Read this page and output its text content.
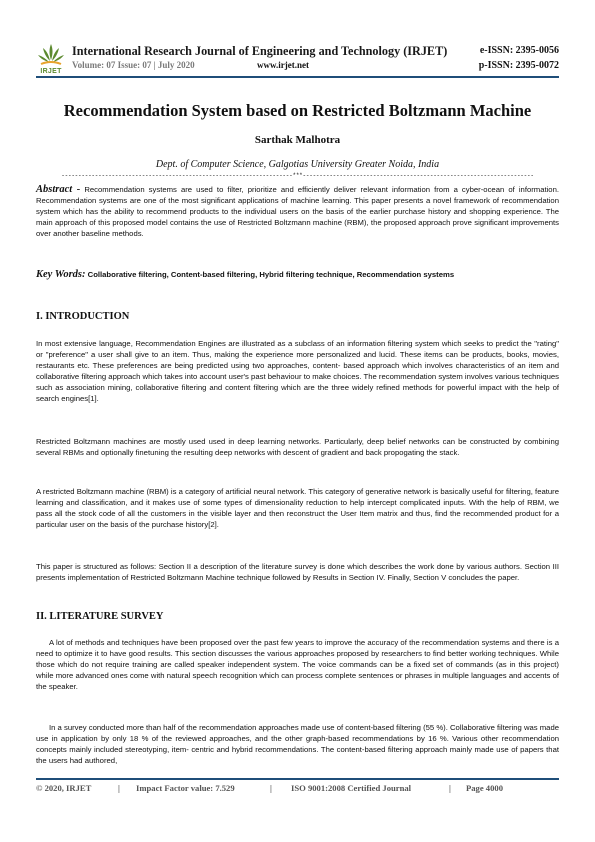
IRJET
International Research Journal of Engineering and Technology (IRJET)	e-ISSN: 2395-0056
Volume: 07 Issue: 07 | July 2020	www.irjet.net	p-ISSN: 2395-0072
Recommendation System based on Restricted Boltzmann Machine
Sarthak Malhotra
Dept. of Computer Science, Galgotias University Greater Noida, India
---------------------------------------------------------------------***---------------------------------------------------------------------
Abstract - Recommendation systems are used to filter, prioritize and efficiently deliver relevant information from a cyber-ocean of information. Recommendation systems are one of the most significant applications of machine learning. This paper presents a novel framework of recommendation system which has the ability to recommend products to the individual users on the basis of the earlier purchase history and shopping experience. The main approach of this proposed model contains the use of Restricted Boltzmann machine (RBM), the proposed approach prove significant improvements over another baseline methods.
Key Words: Collaborative filtering, Content-based filtering, Hybrid filtering technique, Recommendation systems
I. INTRODUCTION
In most extensive language, Recommendation Engines are illustrated as a subclass of an information filtering system which seeks to predict the "rating" or "preference" a user shall give to an item. Thus, making the experience more personalized and lucid. These items can be products, books, movies, restaurants etc. These preferences are being predicted using two approaches, content- based approach which involves characteristics of an item and collaborative filtering approach which takes into account user's past behaviour to make choices. The recommendation system involves various techniques such as association mining, collaborative filtering and content filtering which are the three widely refined methods for powerful impact with the help of search engines[1].
Restricted Boltzmann machines are mostly used used in deep learning networks. Particularly, deep belief networks can be constructed by combining several RBMs and optionally finetuning the resulting deep networks with descent of gradient and back propogating the stack.
A restricted Boltzmann machine (RBM) is a category of artificial neural network. This category of generative network is basically useful for filtering, feature learning and classification, and it makes use of some types of dimensionality reduction to help intercept complicated inputs. With the help of RBM, we pass all the stock code of all the customers in the visible layer and then reconstruct the User Item matrix and thus, find the recommended product for a particular user on the basis of the purchase history[2].
This paper is structured as follows: Section II a description of the literature survey is done which describes the work done by various authors. Section III presents implementation of Restricted Boltzmann Machine technique followed by Results in Section IV. Finally, Section V concludes the paper.
II. LITERATURE SURVEY
A lot of methods and techniques have been proposed over the past few years to improve the accuracy of the recommendation systems and there is a need to optimize it to have good results. This section discusses the various approaches proposed by researchers to find better working techniques. While those which do not require training are called speaker independent system. The voice commands can be a fixed set of commands (as in this project) while more advanced ones come with natural speech recognition which can process complete sentences or phrases in multiple languages and accents of the speaker.
In a survey conducted more than half of the recommendation approaches made use of content-based filtering (55 %). Collaborative filtering was made use in application by only 18 % of the reviewed approaches, and the other graph-based recommendations by 16 %. Various other recommendation concepts mainly included stereotyping, item- centric and hybrid recommendations. The content-based filtering approach mainly made use of papers that the users had authored,
© 2020, IRJET	| Impact Factor value: 7.529	| ISO 9001:2008 Certified Journal	| Page 4000
